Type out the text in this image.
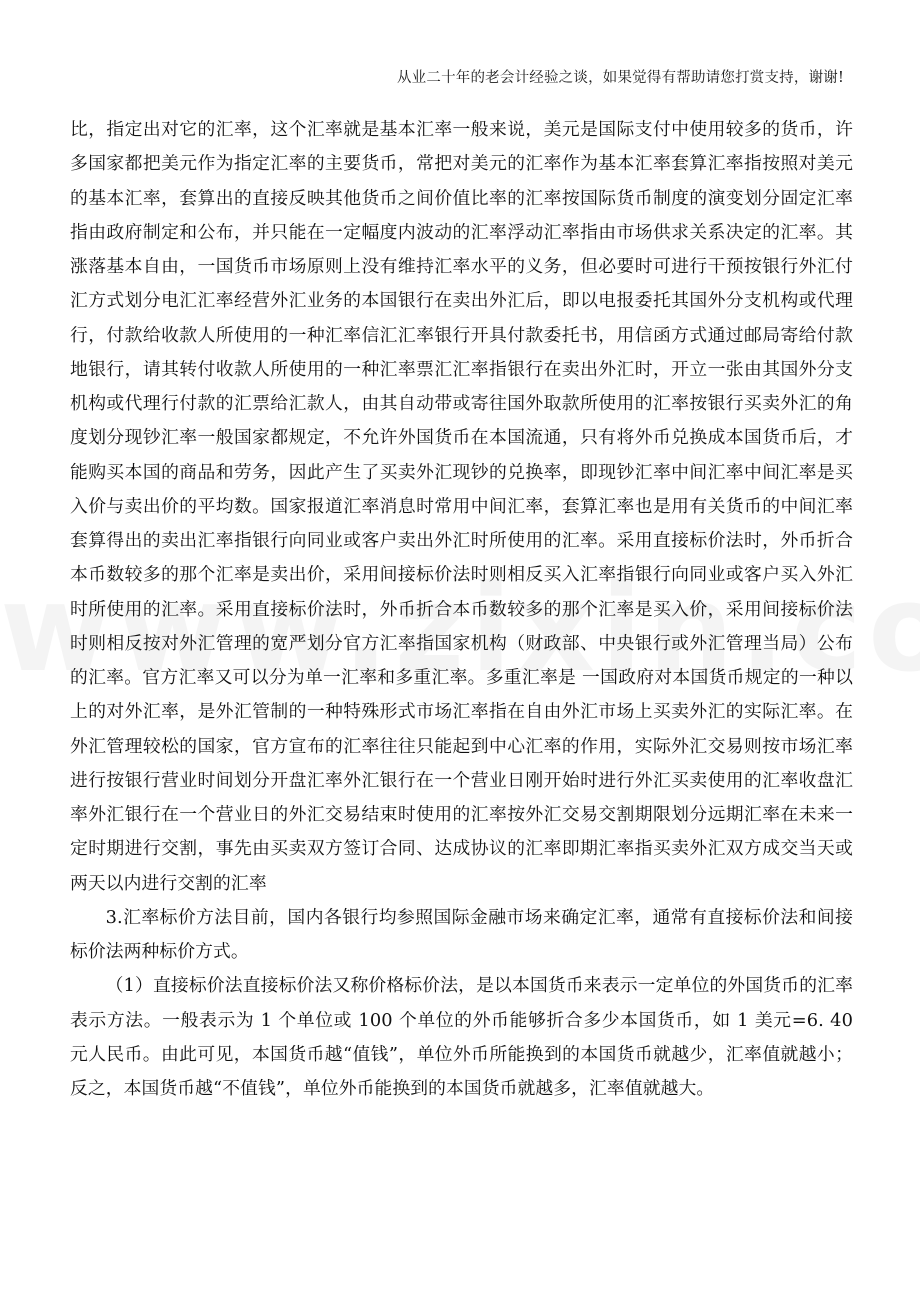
从业二十年的老会计经验之谈，如果觉得有帮助请您打赏支持，谢谢!

比，指定出对它的汇率，这个汇率就是基本汇率一般来说，美元是国际支付中使用较多的货币，许多国家都把美元作为指定汇率的主要货币，常把对美元的汇率作为基本汇率套算汇率指按照对美元的基本汇率，套算出的直接反映其他货币之间价值比率的汇率按国际货币制度的演变划分固定汇率指由政府制定和公布，并只能在一定幅度内波动的汇率浮动汇率指由市场供求关系决定的汇率。其涨落基本自由，一国货币市场原则上没有维持汇率水平的义务，但必要时可进行干预按银行外汇付汇方式划分电汇汇率经营外汇业务的本国银行在卖出外汇后，即以电报委托其国外分支机构或代理行，付款给收款人所使用的一种汇率信汇汇率银行开具付款委托书，用信函方式通过邮局寄给付款地银行，请其转付收款人所使用的一种汇率票汇汇率指银行在卖出外汇时，开立一张由其国外分支机构或代理行付款的汇票给汇款人，由其自动带或寄往国外取款所使用的汇率按银行买卖外汇的角度划分现钞汇率一般国家都规定，不允许外国货币在本国流通，只有将外币兑换成本国货币后，才能购买本国的商品和劳务，因此产生了买卖外汇现钞的兑换率，即现钞汇率中间汇率中间汇率是买入价与卖出价的平均数。国家报道汇率消息时常用中间汇率，套算汇率也是用有关货币的中间汇率套算得出的卖出汇率指银行向同业或客户卖出外汇时所使用的汇率。采用直接标价法时，外币折合本币数较多的那个汇率是卖出价，采用间接标价法时则相反买入汇率指银行向同业或客户买入外汇时所使用的汇率。采用直接标价法时，外币折合本币数较多的那个汇率是买入价，采用间接标价法时则相反按对外汇管理的宽严划分官方汇率指国家机构（财政部、中央银行或外汇管理当局）公布的汇率。官方汇率又可以分为单一汇率和多重汇率。多重汇率是 一国政府对本国货币规定的一种以上的对外汇率，是外汇管制的一种特殊形式市场汇率指在自由外汇市场上买卖外汇的实际汇率。在外汇管理较松的国家，官方宣布的汇率往往只能起到中心汇率的作用，实际外汇交易则按市场汇率进行按银行营业时间划分开盘汇率外汇银行在一个营业日刚开始时进行外汇买卖使用的汇率收盘汇率外汇银行在一个营业日的外汇交易结束时使用的汇率按外汇交易交割期限划分远期汇率在未来一定时期进行交割，事先由买卖双方签订合同、达成协议的汇率即期汇率指买卖外汇双方成交当天或两天以内进行交割的汇率

3.汇率标价方法目前，国内各银行均参照国际金融市场来确定汇率，通常有直接标价法和间接标价法两种标价方式。

（1）直接标价法直接标价法又称价格标价法，是以本国货币来表示一定单位的外国货币的汇率表示方法。一般表示为 1 个单位或 100 个单位的外币能够折合多少本国货币，如 1 美元=6. 40 元人民币。由此可见，本国货币越“值钱”，单位外币所能换到的本国货币就越少，汇率值就越小；反之，本国货币越“不值钱”，单位外币能换到的本国货币就越多，汇率值就越大。
